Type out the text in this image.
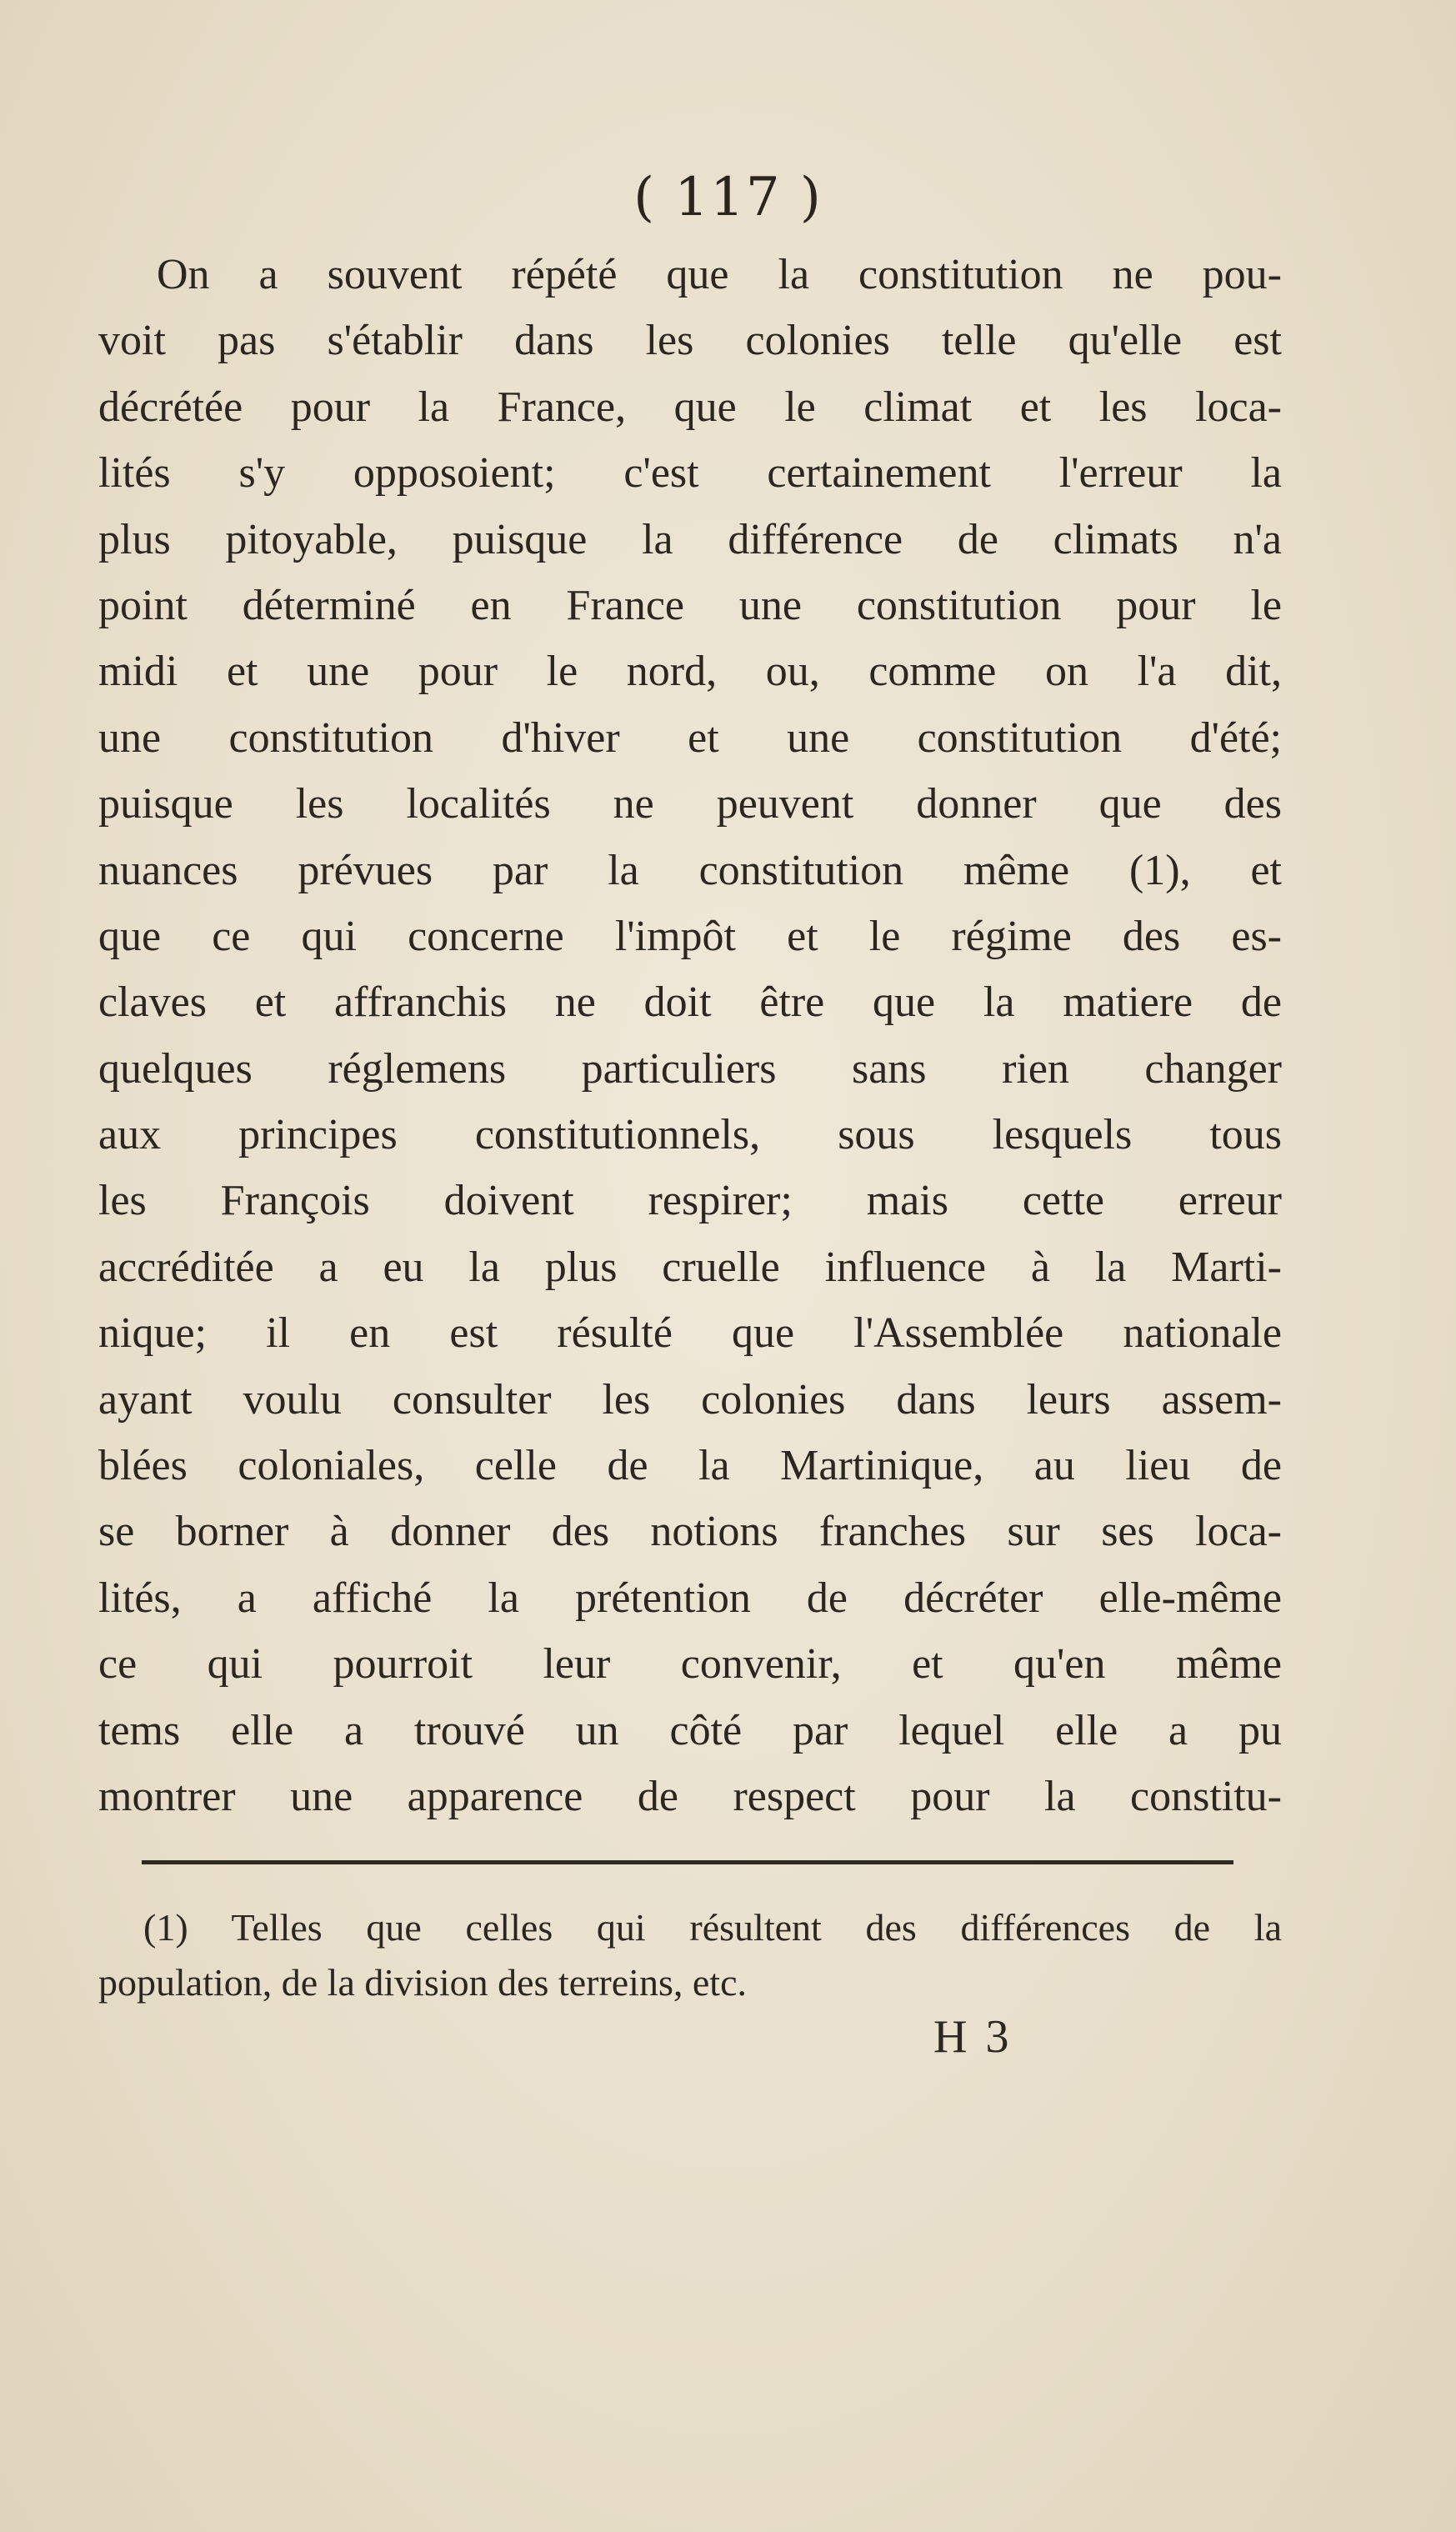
( 117 )
On a souvent répété que la constitution ne pou-
voit pas s'établir dans les colonies telle qu'elle est
décrétée pour la France, que le climat et les loca-
lités s'y opposoient; c'est certainement l'erreur la
plus pitoyable, puisque la différence de climats n'a
point déterminé en France une constitution pour le
midi et une pour le nord, ou, comme on l'a dit,
une constitution d'hiver et une constitution d'été;
puisque les localités ne peuvent donner que des
nuances prévues par la constitution même (1), et
que ce qui concerne l'impôt et le régime des es-
claves et affranchis ne doit être que la matiere de
quelques réglemens particuliers sans rien changer
aux principes constitutionnels, sous lesquels tous
les François doivent respirer; mais cette erreur
accréditée a eu la plus cruelle influence à la Marti-
nique; il en est résulté que l'Assemblée nationale
ayant voulu consulter les colonies dans leurs assem-
blées coloniales, celle de la Martinique, au lieu de
se borner à donner des notions franches sur ses loca-
lités, a affiché la prétention de décréter elle-même
ce qui pourroit leur convenir, et qu'en même
tems elle a trouvé un côté par lequel elle a pu
montrer une apparence de respect pour la constitu-
(1) Telles que celles qui résultent des différences de la
population, de la division des terreins, etc.
H 3
